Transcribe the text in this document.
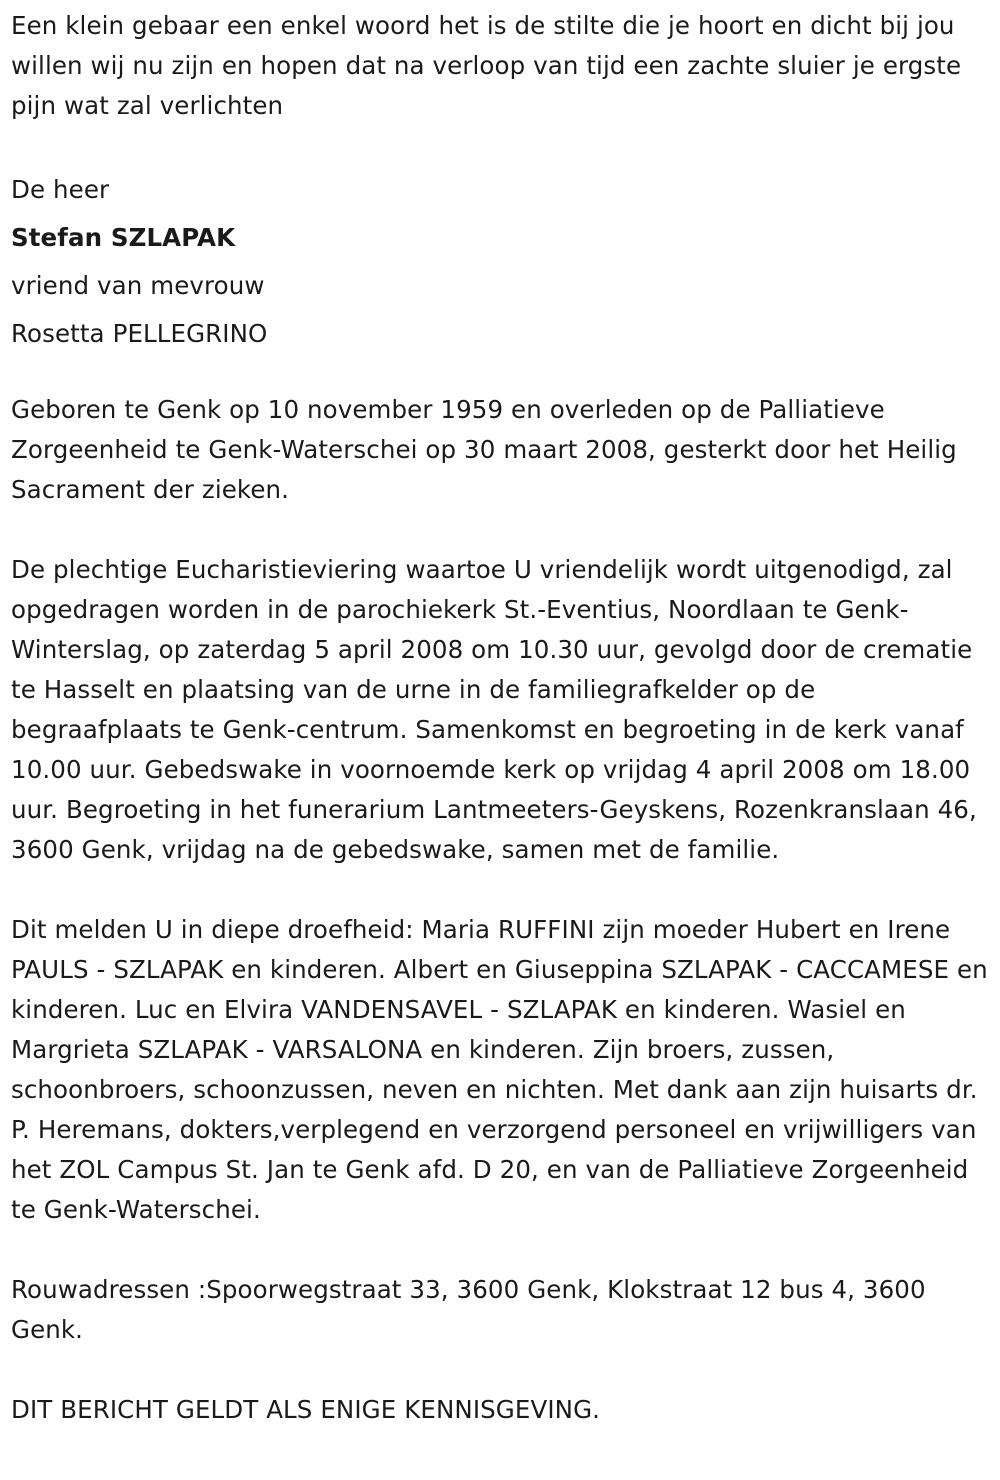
Een klein gebaar een enkel woord het is de stilte die je hoort en dicht bij jou willen wij nu zijn en hopen dat na verloop van tijd een zachte sluier je ergste pijn wat zal verlichten

De heer

Stefan SZLAPAK

vriend van mevrouw

Rosetta PELLEGRINO

Geboren te Genk op 10 november 1959 en overleden op de Palliatieve Zorgeenheid te Genk-Waterschei op 30 maart 2008, gesterkt door het Heilig Sacrament der zieken.

De plechtige Eucharistieviering waartoe U vriendelijk wordt uitgenodigd, zal opgedragen worden in de parochiekerk St.-Eventius, Noordlaan te Genk-Winterslag, op zaterdag 5 april 2008 om 10.30 uur, gevolgd door de crematie te Hasselt en plaatsing van de urne in de familiegrafkelder op de begraafplaats te Genk-centrum. Samenkomst en begroeting in de kerk vanaf 10.00 uur. Gebedswake in voornoemde kerk op vrijdag 4 april 2008 om 18.00 uur. Begroeting in het funerarium Lantmeeters-Geyskens, Rozenkranslaan 46, 3600 Genk, vrijdag na de gebedswake, samen met de familie.

Dit melden U in diepe droefheid: Maria RUFFINI zijn moeder Hubert en Irene PAULS - SZLAPAK en kinderen. Albert en Giuseppina SZLAPAK - CACCAMESE en kinderen. Luc en Elvira VANDENSAVEL - SZLAPAK en kinderen. Wasiel en Margrieta SZLAPAK - VARSALONA en kinderen. Zijn broers, zussen, schoonbroers, schoonzussen, neven en nichten. Met dank aan zijn huisarts dr. P. Heremans, dokters,verplegend en verzorgend personeel en vrijwilligers van het ZOL Campus St. Jan te Genk afd. D 20, en van de Palliatieve Zorgeenheid te Genk-Waterschei.

Rouwadressen :Spoorwegstraat 33, 3600 Genk, Klokstraat 12 bus 4, 3600 Genk.

DIT BERICHT GELDT ALS ENIGE KENNISGEVING.
